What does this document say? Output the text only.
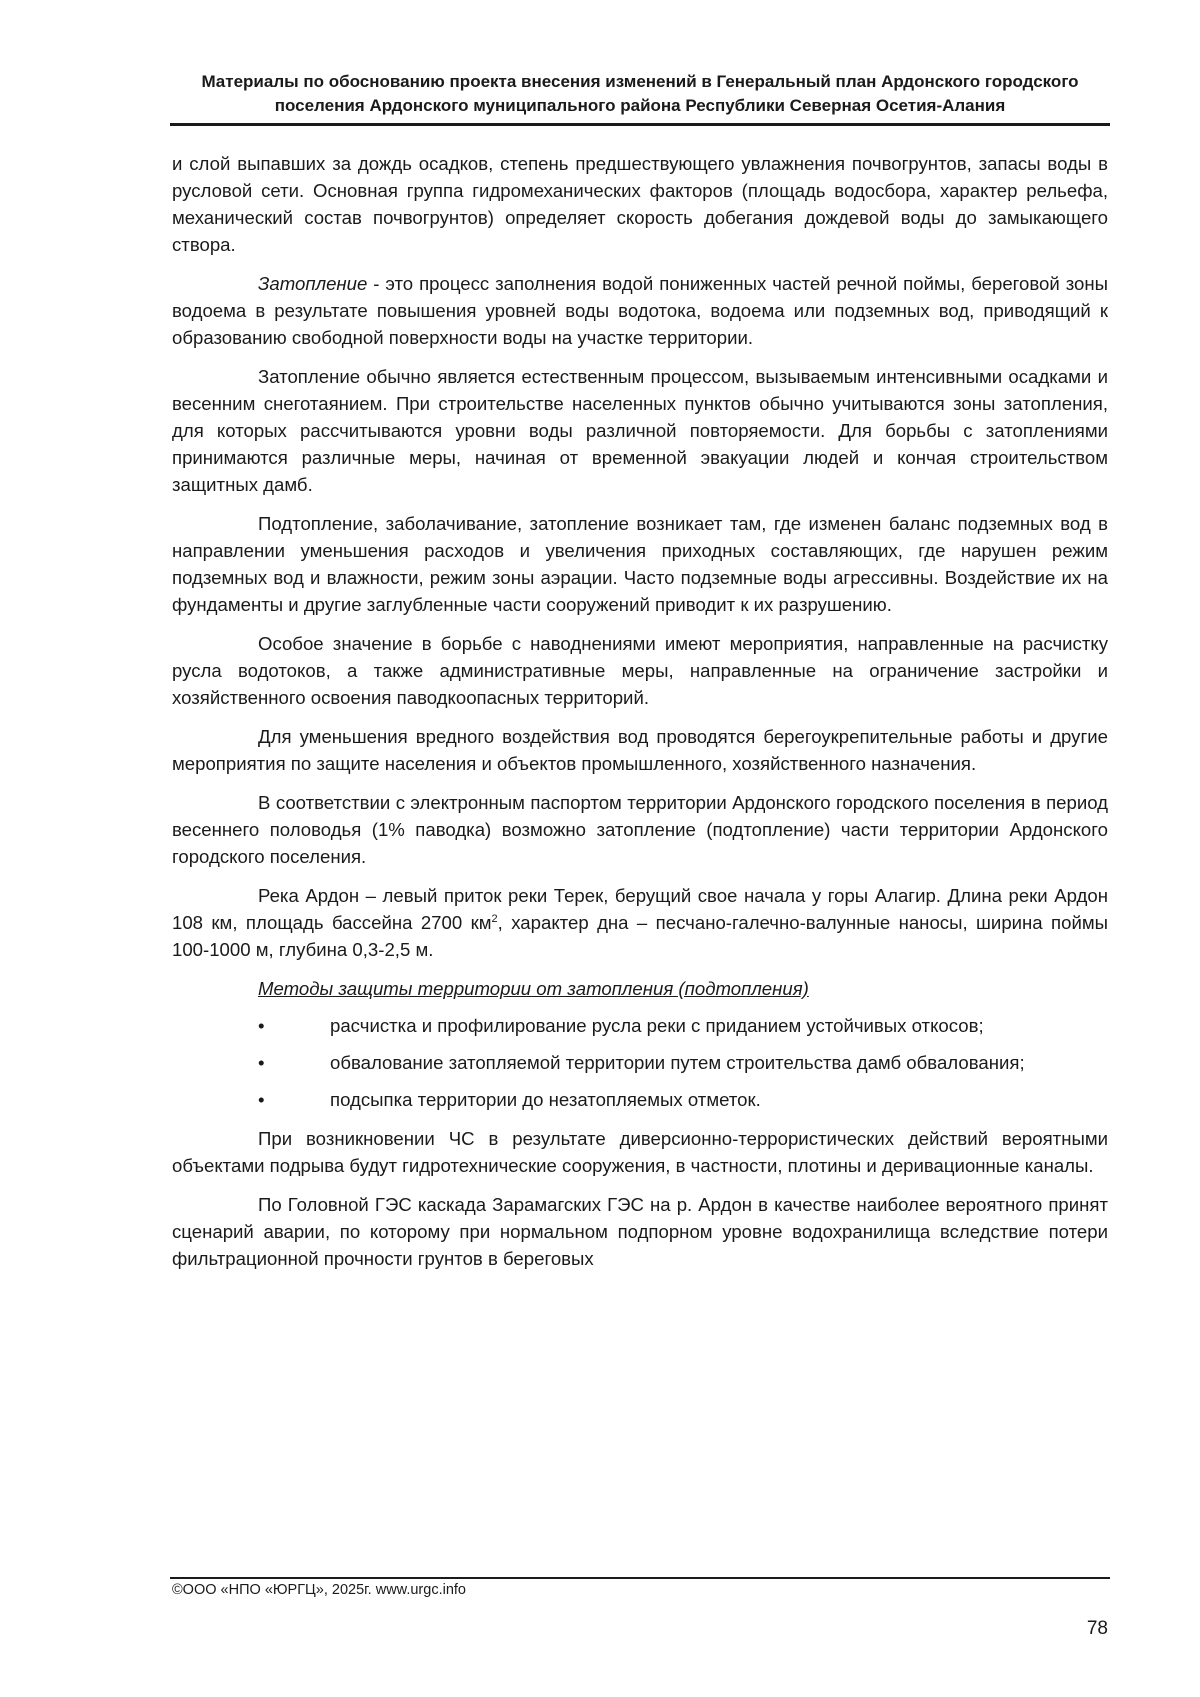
Материалы по обоснованию проекта внесения изменений в Генеральный план Ардонского городского
поселения Ардонского муниципального района Республики Северная Осетия-Алания

и слой выпавших за дождь осадков, степень предшествующего увлажнения почвогрунтов, запасы воды в русловой сети. Основная группа гидромеханических факторов (площадь водосбора, характер рельефа, механический состав почвогрунтов) определяет скорость добегания дождевой воды до замыкающего створа.

Затопление - это процесс заполнения водой пониженных частей речной поймы, береговой зоны водоема в результате повышения уровней воды водотока, водоема или подземных вод, приводящий к образованию свободной поверхности воды на участке территории.

Затопление обычно является естественным процессом, вызываемым интенсивными осадками и весенним снеготаянием. При строительстве населенных пунктов обычно учитываются зоны затопления, для которых рассчитываются уровни воды различной повторяемости. Для борьбы с затоплениями принимаются различные меры, начиная от временной эвакуации людей и кончая строительством защитных дамб.

Подтопление, заболачивание, затопление возникает там, где изменен баланс подземных вод в направлении уменьшения расходов и увеличения приходных составляющих, где нарушен режим подземных вод и влажности, режим зоны аэрации. Часто подземные воды агрессивны. Воздействие их на фундаменты и другие заглубленные части сооружений приводит к их разрушению.

Особое значение в борьбе с наводнениями имеют мероприятия, направленные на расчистку русла водотоков, а также административные меры, направленные на ограничение застройки и хозяйственного освоения паводкоопасных территорий.

Для уменьшения вредного воздействия вод проводятся берегоукрепительные работы и другие мероприятия по защите населения и объектов промышленного, хозяйственного назначения.

В соответствии с электронным паспортом территории Ардонского городского поселения в период весеннего половодья (1% паводка) возможно затопление (подтопление) части территории Ардонского городского поселения.

Река Ардон – левый приток реки Терек, берущий свое начала у горы Алагир. Длина реки Ардон 108 км, площадь бассейна 2700 $км^2$, характер дна – песчано-галечно-валунные наносы, ширина поймы 100-1000 м, глубина 0,3-2,5 м.

Методы защиты территории от затопления (подтопления)
•	расчистка и профилирование русла реки с приданием устойчивых откосов;
•	обвалование затопляемой территории путем строительства дамб обвалования;
•	подсыпка территории до незатопляемых отметок.

При возникновении ЧС в результате диверсионно-террористических действий вероятными объектами подрыва будут гидротехнические сооружения, в частности, плотины и деривационные каналы.

По Головной ГЭС каскада Зарамагских ГЭС на р. Ардон в качестве наиболее вероятного принят сценарий аварии, по которому при нормальном подпорном уровне водохранилища вследствие потери фильтрационной прочности грунтов в береговых

©ООО «НПО «ЮРГЦ», 2025г. www.urgc.info
78
